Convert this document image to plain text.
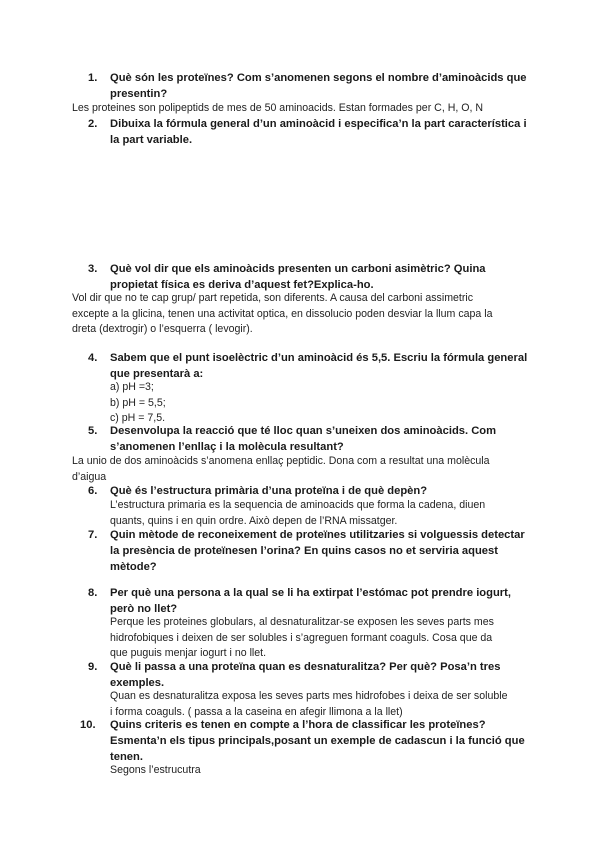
1.	Què són les proteïnes? Com s’anomenen segons el nombre d’aminoàcids que
presentin?
Les proteines son polipeptids de mes de 50 aminoacids. Estan formades per C, H, O, N
2.	Dibuixa la fórmula general d’un aminoàcid i especifica’n la part característica i
la part variable.
3.	Què vol dir que els aminoàcids presenten un carboni asimètric? Quina
propietat física es deriva d’aquest fet?Explica-ho.
Vol dir que no te cap grup/ part repetida, son diferents. A causa del carboni assimetric
excepte a la glicina, tenen una activitat optica, en dissolucio poden desviar la llum capa la
dreta (dextrogir) o l’esquerra ( levogir).
4.	Sabem que el punt isoelèctric d’un aminoàcid és 5,5. Escriu la fórmula general
que presentarà a:
a) pH =3;
b) pH = 5,5;
c) pH = 7,5.
5.	Desenvolupa la reacció que té lloc quan s’uneixen dos aminoàcids. Com
s’anomenen l’enllaç i la molècula resultant?
La unio de dos aminoàcids s’anomena enllaç peptidic. Dona com a resultat una molècula
d’aigua
6.	Què és l’estructura primària d’una proteïna i de què depèn?
L’estructura primaria es la sequencia de aminoacids que forma la cadena, diuen
quants, quins i en quin ordre. Això depen de l’RNA missatger.
7.	Quin mètode de reconeixement de proteïnes utilitzaries si volguessis detectar
la presència de proteïnesen l’orina? En quins casos no et serviria aquest
mètode?
8.	Per què una persona a la qual se li ha extirpat l’estómac pot prendre iogurt,
però no llet?
Perque les proteines globulars, al desnaturalitzar-se exposen les seves parts mes
hidrofobiques i deixen de ser solubles i s’agreguen formant coaguls. Cosa que da
que puguis menjar iogurt i no llet.
9.	Què li passa a una proteïna quan es desnaturalitza? Per què? Posa’n tres
exemples.
Quan es desnaturalitza exposa les seves parts mes hidrofobes i deixa de ser soluble
i forma coaguls. ( passa a la caseina en afegir llimona a la llet)
10.	Quins criteris es tenen en compte a l’hora de classificar les proteïnes?
Esmenta’n els tipus principals,posant un exemple de cadascun i la funció que
tenen.
Segons l’estrucutra
